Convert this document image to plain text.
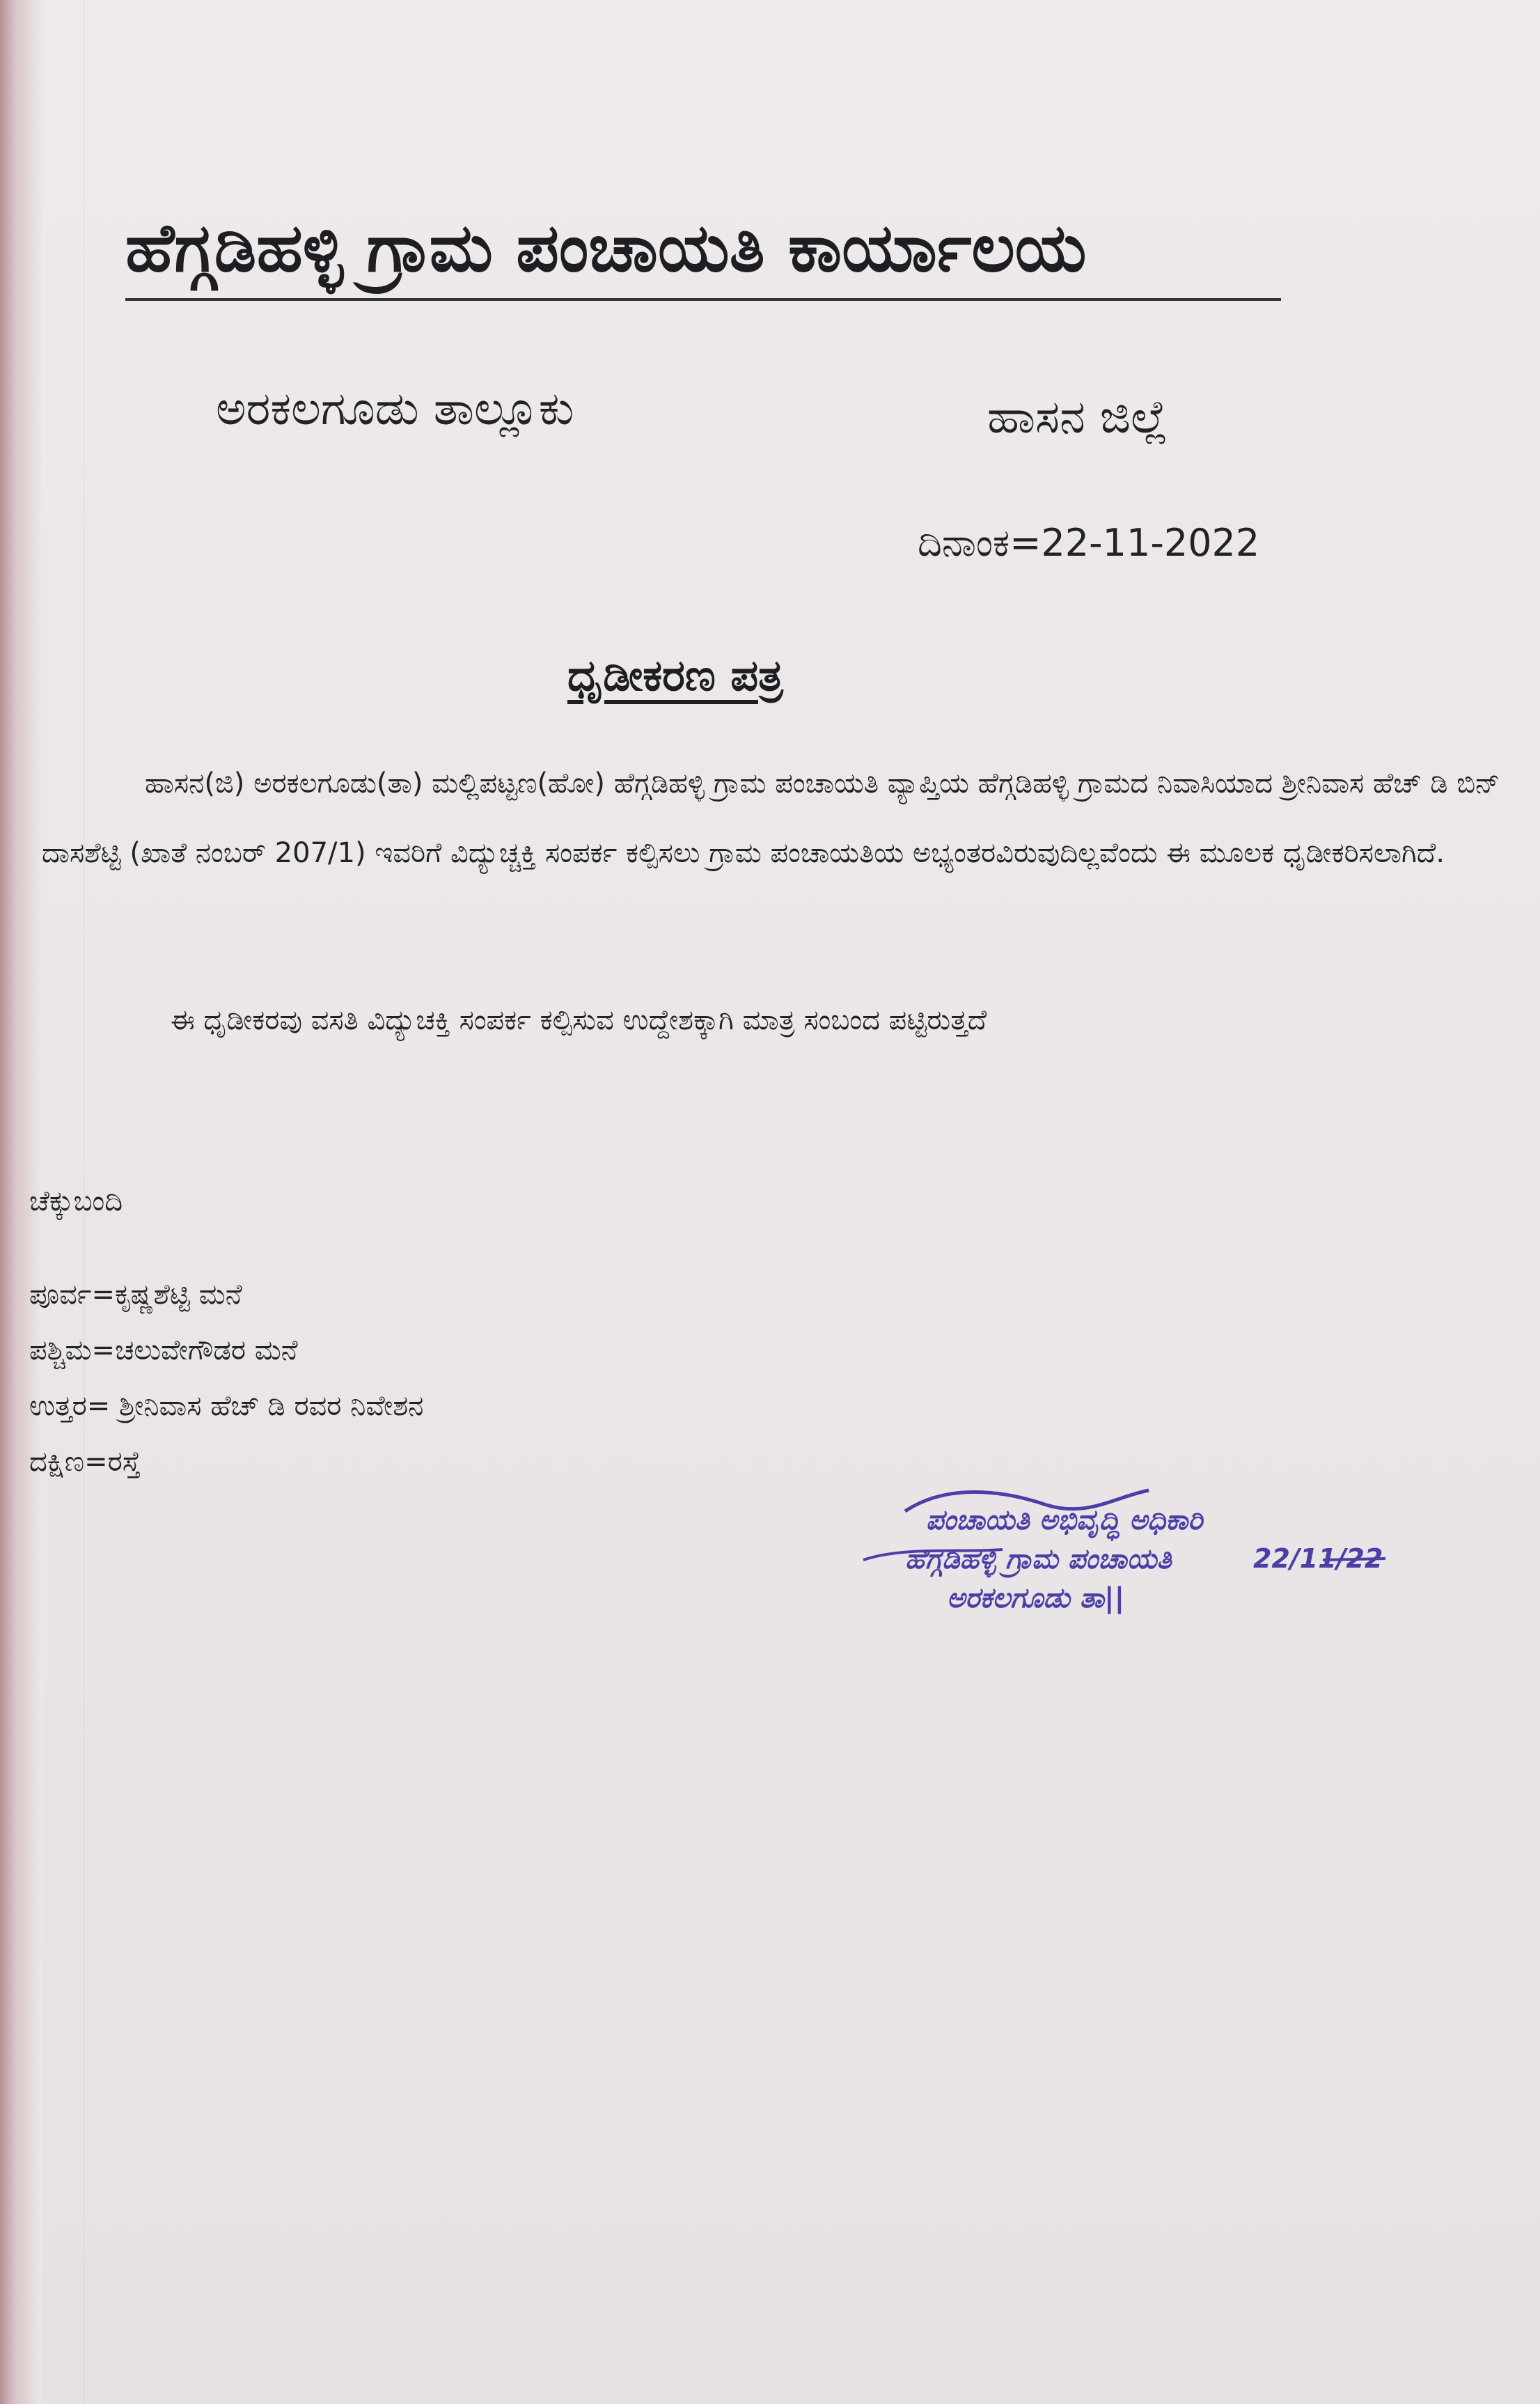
ಹೆಗ್ಗಡಿಹಳ್ಳಿ ಗ್ರಾಮ ಪಂಚಾಯತಿ ಕಾರ್ಯಾಲಯ
ಅರಕಲಗೂಡು ತಾಲ್ಲೂಕು	ಹಾಸನ ಜಿಲ್ಲೆ
ದಿನಾಂಕ=22-11-2022
ಧೃಡೀಕರಣ ಪತ್ರ
ಹಾಸನ(ಜಿ) ಅರಕಲಗೂಡು(ತಾ) ಮಲ್ಲಿಪಟ್ಟಣ(ಹೋ) ಹೆಗ್ಗಡಿಹಳ್ಳಿ ಗ್ರಾಮ ಪಂಚಾಯತಿ ವ್ಯಾಪ್ತಿಯ ಹೆಗ್ಗಡಿಹಳ್ಳಿ ಗ್ರಾಮದ ನಿವಾಸಿಯಾದ ಶ್ರೀನಿವಾಸ ಹೆಚ್ ಡಿ ಬಿನ್ ದಾಸಶೆಟ್ಟಿ (ಖಾತೆ ನಂಬರ್ 207/1) ಇವರಿಗೆ ವಿದ್ಯುಚ್ಚಕ್ತಿ ಸಂಪರ್ಕ ಕಲ್ಪಿಸಲು ಗ್ರಾಮ ಪಂಚಾಯತಿಯ ಅಭ್ಯಂತರವಿರುವುದಿಲ್ಲವೆಂದು ಈ ಮೂಲಕ ಧೃಡೀಕರಿಸಲಾಗಿದೆ.
ಈ ಧೃಡೀಕರವು ವಸತಿ ವಿದ್ಯುಚಕ್ತಿ ಸಂಪರ್ಕ ಕಲ್ಪಿಸುವ ಉದ್ದೇಶಕ್ಕಾಗಿ ಮಾತ್ರ ಸಂಬಂದ ಪಟ್ಟಿರುತ್ತದೆ
ಚೆಕ್ಕುಬಂದಿ
ಪೂರ್ವ=ಕೃಷ್ಣಶೆಟ್ಟಿ ಮನೆ
ಪಶ್ಚಿಮ=ಚಲುವೇಗೌಡರ ಮನೆ
ಉತ್ತರ= ಶ್ರೀನಿವಾಸ ಹೆಚ್ ಡಿ ರವರ ನಿವೇಶನ
ದಕ್ಷಿಣ=ರಸ್ತೆ
ಪಂಚಾಯತಿ ಅಭಿವೃದ್ಧಿ ಅಧಿಕಾರಿ
ಹೆಗ್ಗಡಿಹಳ್ಳಿ ಗ್ರಾಮ ಪಂಚಾಯತಿ	22/11/22
ಅರಕಲಗೂಡು ತಾ||
